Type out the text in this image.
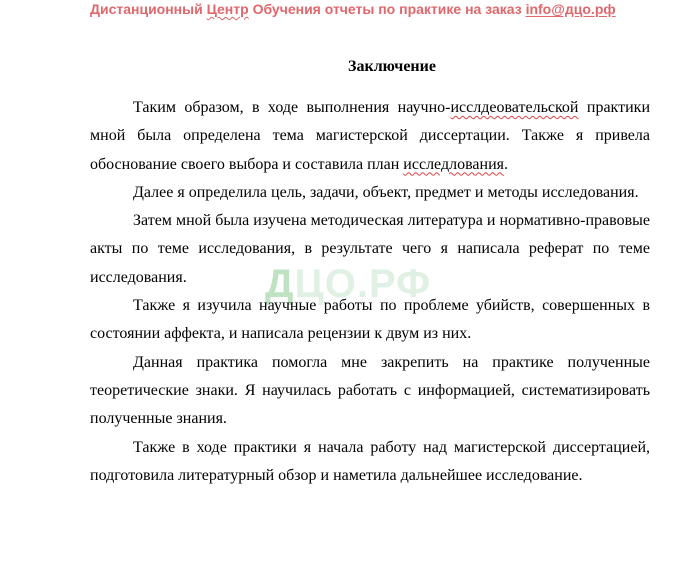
Дистанционный Центр Обучения отчеты по практике на заказ info@дцо.рф
ДЦО.РФ
Заключение

Таким образом, в ходе выполнения научно-исслдеовательской практики мной была определена тема магистерской диссертации. Также я привела обоснование своего выбора и составила план исследлования.

Далее я определила цель, задачи, объект, предмет и методы исследования.

Затем мной была изучена методическая литература и нормативно-правовые акты по теме исследования, в результате чего я написала реферат по теме исследования.

Также я изучила научные работы по проблеме убийств, совершенных в состоянии аффекта, и написала рецензии к двум из них.

Данная практика помогла мне закрепить на практике полученные теоретические знаки. Я научилась работать с информацией, систематизировать полученные знания.

Также в ходе практики я начала работу над магистерской диссертацией, подготовила литературный обзор и наметила дальнейшее исследование.
